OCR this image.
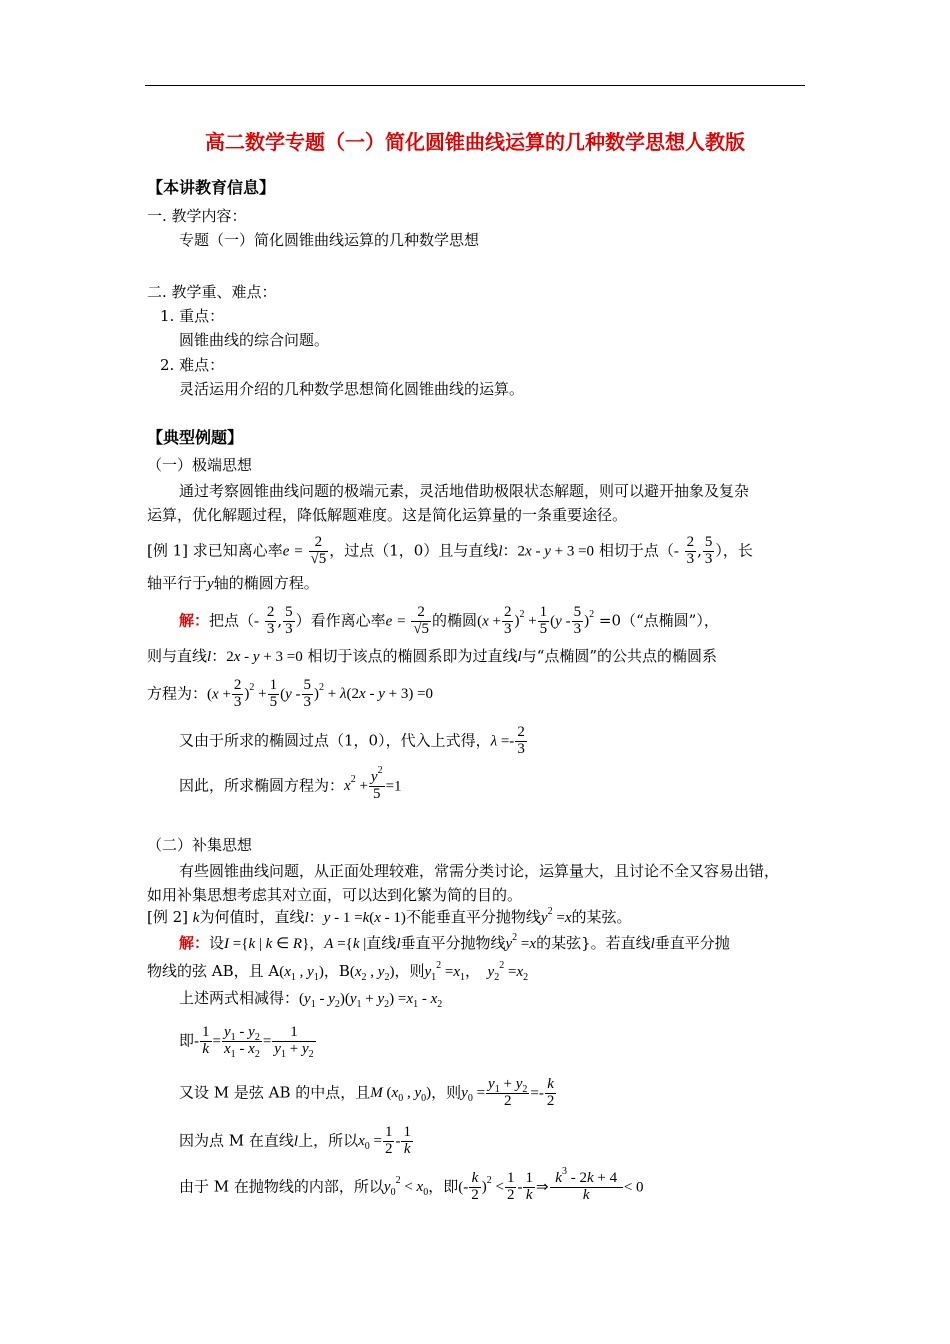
高二数学专题（一）简化圆锥曲线运算的几种数学思想人教版
【本讲教育信息】
一. 教学内容：
专题（一）简化圆锥曲线运算的几种数学思想
二. 教学重、难点：
1. 重点：
圆锥曲线的综合问题。
2. 难点：
灵活运用介绍的几种数学思想简化圆锥曲线的运算。
【典型例题】
（一）极端思想
通过考察圆锥曲线问题的极端元素，灵活地借助极限状态解题，则可以避开抽象及复杂
运算，优化解题过程，降低解题难度。这是简化运算量的一条重要途径。
[例 1] 求已知离心率$e = \frac{2}{√5}$ ，过点（1，0）且与直线l：2x - y + 3 =0 相切于点（- $\frac{2}{3}$ , $\frac{5}{3}$ ），长
轴平行于y轴的椭圆方程。
解：把点（- $\frac{2}{3}$ , $\frac{5}{3}$ ）看作离心率$e = \frac{2}{√5}$ 的椭圆$(x + \frac{2}{3} )^2 + \frac{1}{5} (y - \frac{5}{3} )^2$ =0（“点椭圆”），
则与直线l：2x - y + 3 =0 相切于该点的椭圆系即为过直线l与“点椭圆”的公共点的椭圆系
方程为：$(x + \frac{2}{3} )^2 + \frac{1}{5} (y - \frac{5}{3} )^2 + \lambda(2x - y + 3) =0$
又由于所求的椭圆过点（1，0），代入上式得，$\lambda =- \frac{2}{3}$
因此，所求椭圆方程为：$x^2 + \frac{y^2}{5} =1$
（二）补集思想
有些圆锥曲线问题，从正面处理较难，常需分类讨论，运算量大，且讨论不全又容易出错，
如用补集思想考虑其对立面，可以达到化繁为简的目的。
[例 2] k为何值时，直线l：y - 1 =k(x - 1)不能垂直平分抛物线$y^2 =x$的某弦。
解：设I ={k | k ∈ R}，A ={k |直线l垂直平分抛物线$y^2 =x$的某弦}。若直线l垂直平分抛
物线的弦 AB，且 $A(x_1$ , $y_1$)，$B(x_2$ , $y_2$)，则$y_1^2 =x_1$，  $y_2^2 =x_2$
上述两式相减得：$(y_1 - y_2)(y_1 + y_2) =x_1 - x_2$
即- $\frac{1}{k} = \frac{y_1 - y_2}{x_1 - x_2} = \frac{1}{y_1 + y_2}$
又设 M 是弦 AB 的中点，且M ($x_0$ , $y_0$)，则$y_0 = \frac{y_1 + y_2}{2} =- \frac{k}{2}$
因为点 M 在直线l上，所以$x_0 = \frac{1}{2} - \frac{1}{k}$
由于 M 在抛物线的内部，所以$y_0^2 < x_0$，即(- $\frac{k}{2} )^2 < \frac{1}{2} - \frac{1}{k}$ ⇒ $\frac{k^3 - 2k + 4}{k} < 0$
